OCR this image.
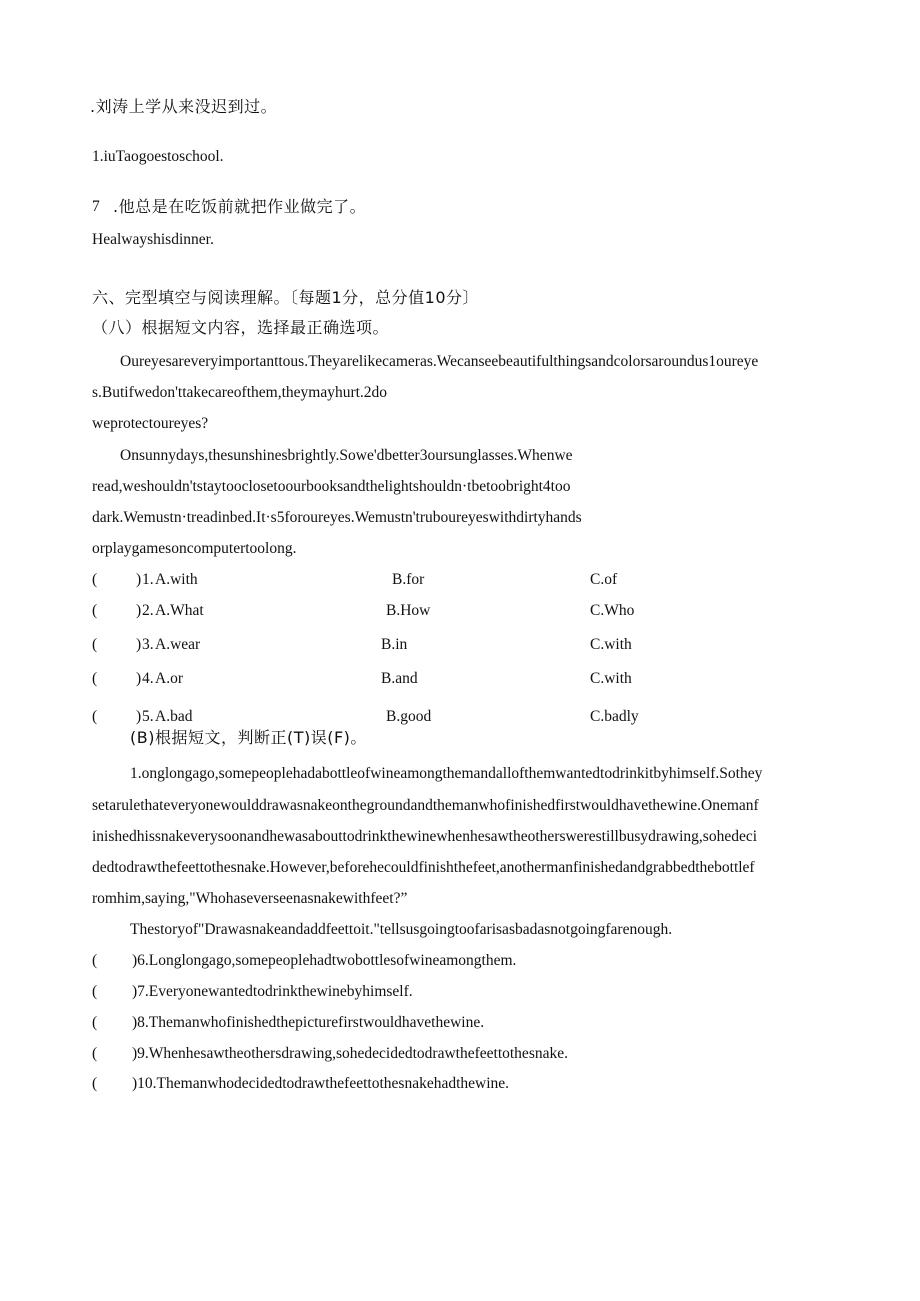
.刘涛上学从来没迟到过。
1.iuTaogoestoschool.
7 .他总是在吃饭前就把作业做完了。
Healwayshisdinner.
六、完型填空与阅读理解。〔每题1分，总分值10分〕
（八）根据短文内容，选择最正确选项。
Oureyesareveryimportanttous.Theyarelikecameras.Wecanseebeautifulthingsandcolorsaroundus1oureye
s.Butifwedon'ttakecareofthem,theymayhurt.2do
weprotectoureyes?
Onsunnydays,thesunshinesbrightly.Sowe'dbetter3oursunglasses.Whenwe
read,weshouldn'tstaytooclosetoourbooksandthelightshouldn·tbetoobright4too
dark.Wemustn·treadinbed.It·s5foroureyes.Wemustn'truboureyeswithdirtyhands
orplaygamesoncomputertoolong.
(	) 1. A.with	B.for	C.of
(	) 2. A.What	B.How	C.Who
(	) 3. A.wear	B.in	C.with
(	) 4. A.or	B.and	C.with
(	) 5. A.bad	B.good	C.badly
(B)根据短文，判断正(T)误(F)。
1.onglongago,somepeoplehadabottleofwineamongthemandallofthemwantedtodrinkitbyhimself.Sothey
setarulethateveryonewoulddrawasnakeonthegroundandthemanwhofinishedfirstwouldhavethewine.Onemanf
inishedhissnakeverysoonandhewasabouttodrinkthewinewhenhesawtheotherswerestillbusydrawing,sohedeci
dedtodrawthefeettothesnake.However,beforehecouldfinishthefeet,anothermanfinishedandgrabbedthebottlef
romhim,saying,"Whohaseverseenasnakewithfeet?”
Thestoryof"Drawasnakeandaddfeettoit."tellsusgoingtoofarisasbadasnotgoingfarenough.
( )6.Longlongago,somepeoplehadtwobottlesofwineamongthem.
( )7.Everyonewantedtodrinkthewinebyhimself.
( )8.Themanwhofinishedthepicturefirstwouldhavethewine.
( )9.Whenhesawtheothersdrawing,sohedecidedtodrawthefeettothesnake.
( )10.Themanwhodecidedtodrawthefeettothesnakehadthewine.
